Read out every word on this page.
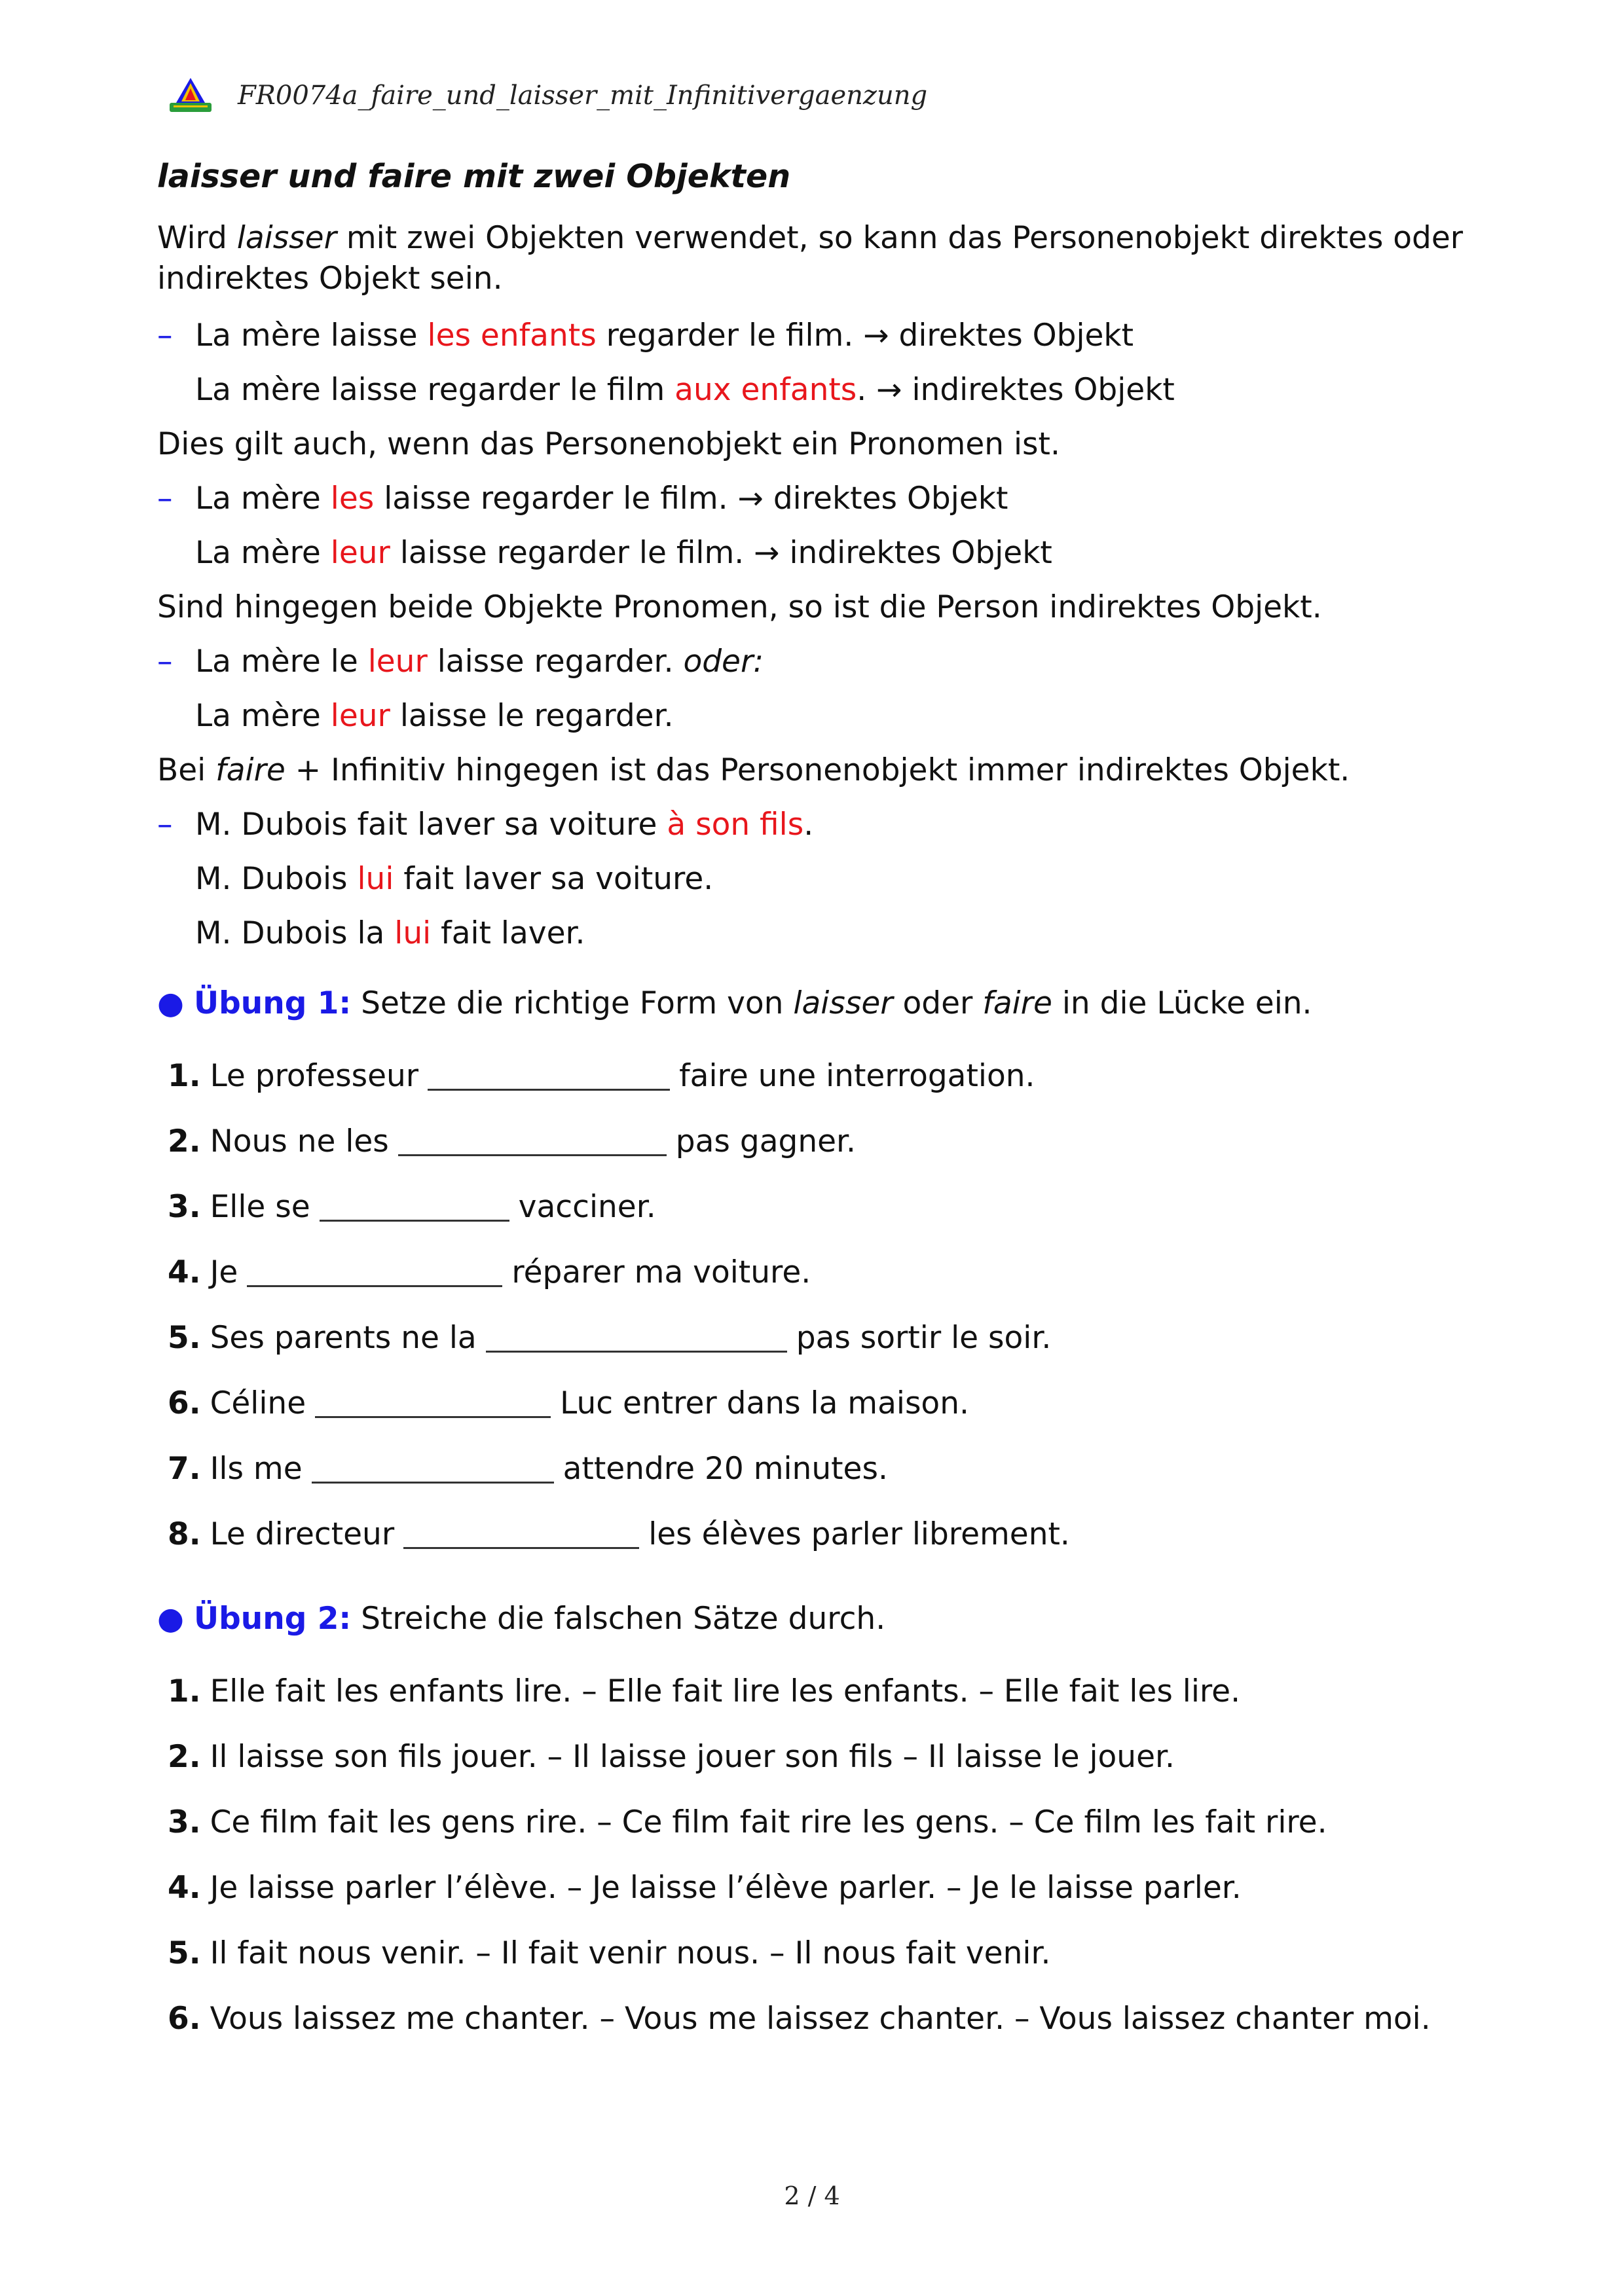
FR0074a_faire_und_laisser_mit_Infinitivergaenzung
laisser und faire mit zwei Objekten
Wird laisser mit zwei Objekten verwendet, so kann das Personenobjekt direktes oder indirektes Objekt sein.
– La mère laisse les enfants regarder le film. → direktes Objekt
La mère laisse regarder le film aux enfants. → indirektes Objekt
Dies gilt auch, wenn das Personenobjekt ein Pronomen ist.
– La mère les laisse regarder le film. → direktes Objekt
La mère leur laisse regarder le film. → indirektes Objekt
Sind hingegen beide Objekte Pronomen, so ist die Person indirektes Objekt.
– La mère le leur laisse regarder. oder:
La mère leur laisse le regarder.
Bei faire + Infinitiv hingegen ist das Personenobjekt immer indirektes Objekt.
– M. Dubois fait laver sa voiture à son fils.
M. Dubois lui fait laver sa voiture.
M. Dubois la lui fait laver.
● Übung 1: Setze die richtige Form von laisser oder faire in die Lücke ein.
1. Le professeur	faire une interrogation.
2. Nous ne les	pas gagner.
3. Elle se	vacciner.
4. Je	réparer ma voiture.
5. Ses parents ne la	pas sortir le soir.
6. Céline	Luc entrer dans la maison.
7. Ils me	attendre 20 minutes.
8. Le directeur	les élèves parler librement.
● Übung 2: Streiche die falschen Sätze durch.
1. Elle fait les enfants lire. – Elle fait lire les enfants. – Elle fait les lire.
2. Il laisse son fils jouer. – Il laisse jouer son fils – Il laisse le jouer.
3. Ce film fait les gens rire. – Ce film fait rire les gens. – Ce film les fait rire.
4. Je laisse parler l’élève. – Je laisse l’élève parler. – Je le laisse parler.
5. Il fait nous venir. – Il fait venir nous. – Il nous fait venir.
6. Vous laissez me chanter. – Vous me laissez chanter. – Vous laissez chanter moi.
2 / 4
